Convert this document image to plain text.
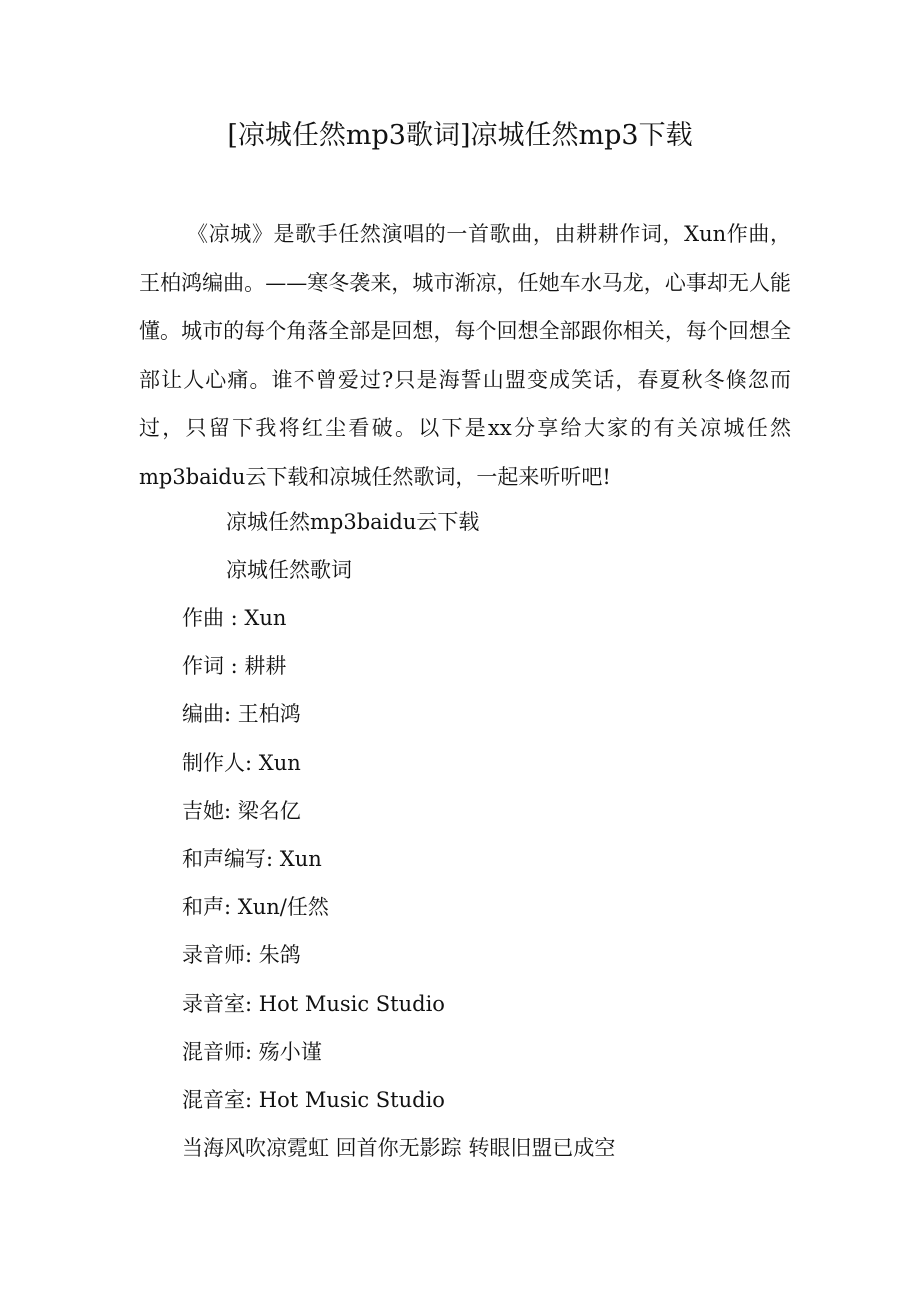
[凉城任然mp3歌词]凉城任然mp3下载

《凉城》是歌手任然演唱的一首歌曲，由耕耕作词，Xun作曲，王柏鸿编曲。——寒冬袭来，城市渐凉，任她车水马龙，心事却无人能懂。城市的每个角落全部是回想，每个回想全部跟你相关，每个回想全部让人心痛。谁不曾爱过?只是海誓山盟变成笑话，春夏秋冬倏忽而过，只留下我将红尘看破。以下是xx分享给大家的有关凉城任然mp3baidu云下载和凉城任然歌词，一起来听听吧!

凉城任然mp3baidu云下载

凉城任然歌词

作曲 : Xun
作词 : 耕耕
编曲: 王柏鸿
制作人: Xun
吉她: 梁名亿
和声编写: Xun
和声: Xun/任然
录音师: 朱鸽
录音室: Hot Music Studio
混音师: 殇小谨
混音室: Hot Music Studio

当海风吹凉霓虹 回首你无影踪 转眼旧盟已成空
